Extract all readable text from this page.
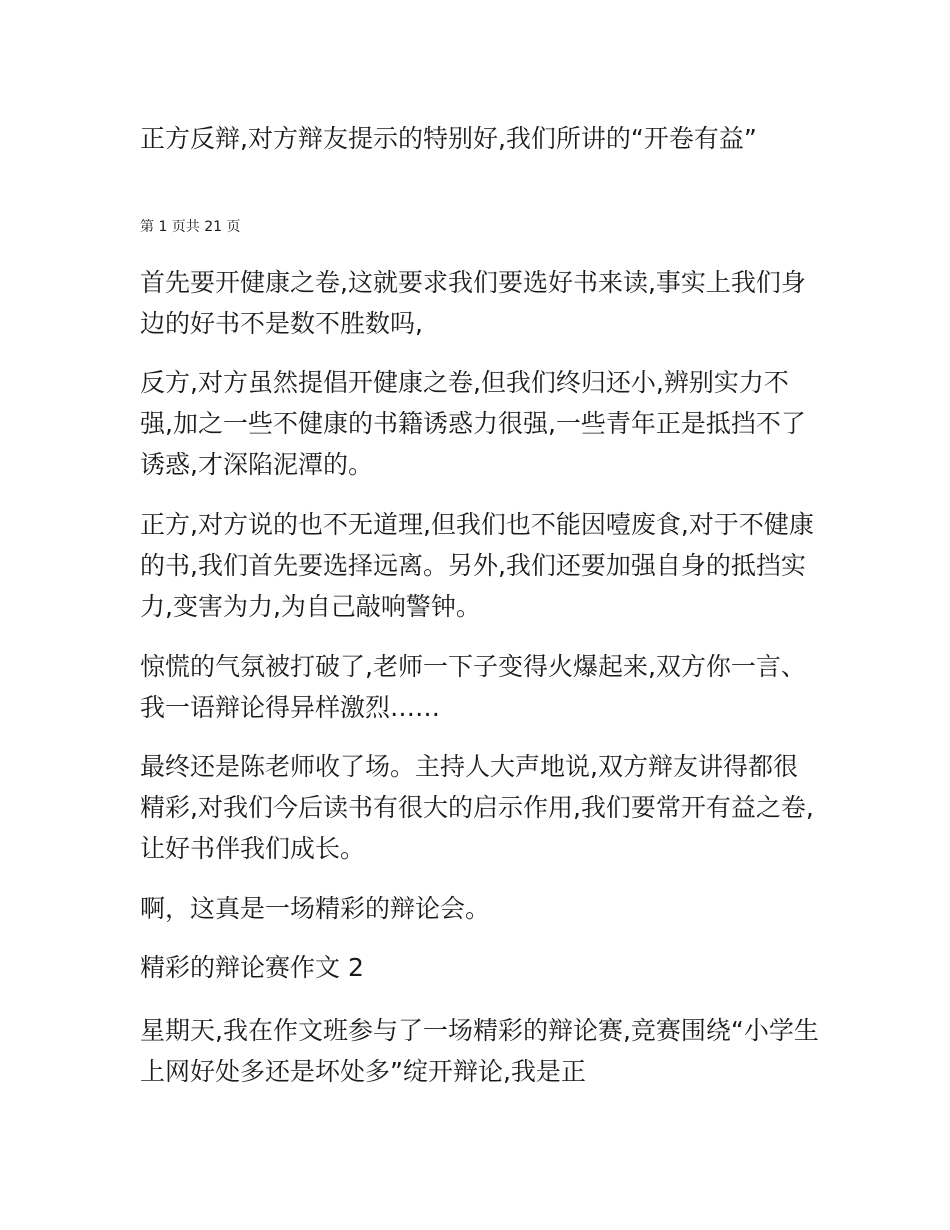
正方反辩,对方辩友提示的特别好,我们所讲的“开卷有益”

第 1 页共 21 页

首先要开健康之卷,这就要求我们要选好书来读,事实上我们身边的好书不是数不胜数吗,

反方,对方虽然提倡开健康之卷,但我们终归还小,辨别实力不强,加之一些不健康的书籍诱惑力很强,一些青年正是抵挡不了诱惑,才深陷泥潭的。

正方,对方说的也不无道理,但我们也不能因噎废食,对于不健康的书,我们首先要选择远离。另外,我们还要加强自身的抵挡实力,变害为力,为自己敲响警钟。

惊慌的气氛被打破了,老师一下子变得火爆起来,双方你一言、我一语辩论得异样激烈……

最终还是陈老师收了场。主持人大声地说,双方辩友讲得都很精彩,对我们今后读书有很大的启示作用,我们要常开有益之卷,让好书伴我们成长。

啊，这真是一场精彩的辩论会。

精彩的辩论赛作文 2

星期天,我在作文班参与了一场精彩的辩论赛,竞赛围绕“小学生上网好处多还是坏处多”绽开辩论,我是正
